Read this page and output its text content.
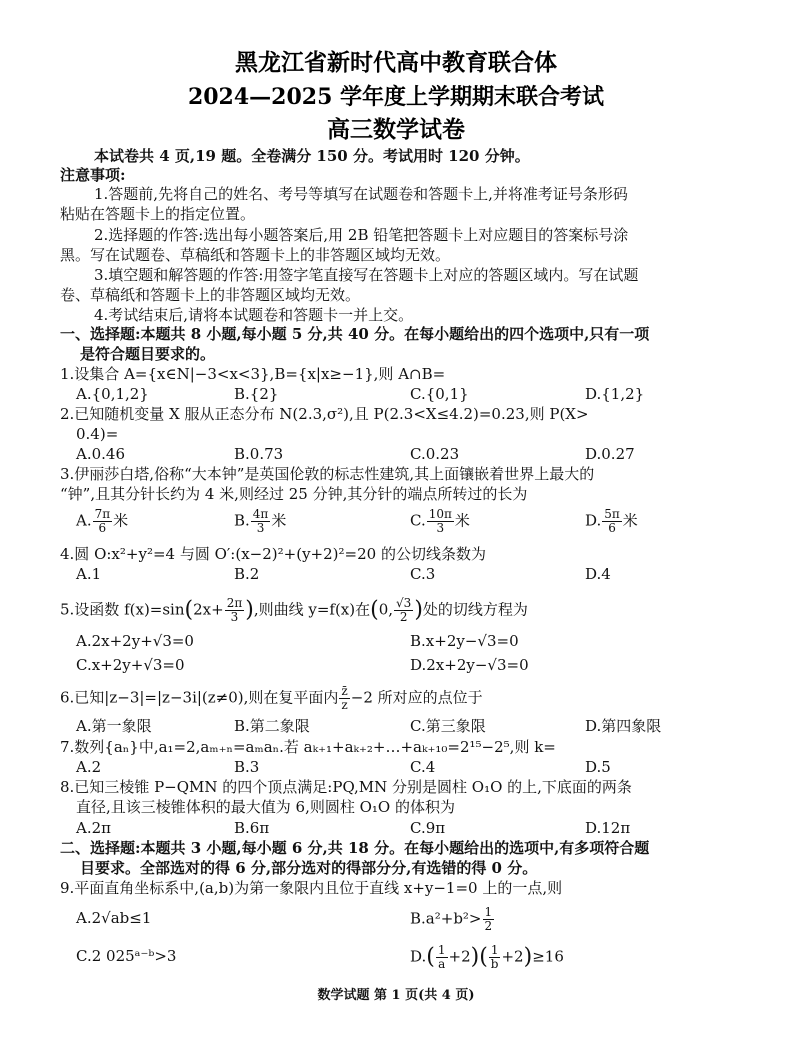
黑龙江省新时代高中教育联合体
2024—2025 学年度上学期期末联合考试
高三数学试卷
本试卷共 4 页,19 题。全卷满分 150 分。考试用时 120 分钟。
注意事项:
1.答题前,先将自己的姓名、考号等填写在试题卷和答题卡上,并将准考证号条形码
粘贴在答题卡上的指定位置。
2.选择题的作答:选出每小题答案后,用 2B 铅笔把答题卡上对应题目的答案标号涂
黑。写在试题卷、草稿纸和答题卡上的非答题区域均无效。
3.填空题和解答题的作答:用签字笔直接写在答题卡上对应的答题区域内。写在试题
卷、草稿纸和答题卡上的非答题区域均无效。
4.考试结束后,请将本试题卷和答题卡一并上交。
一、选择题:本题共 8 小题,每小题 5 分,共 40 分。在每小题给出的四个选项中,只有一项
是符合题目要求的。
1.设集合 A={x∈N|−3<x<3},B={x|x≥−1},则 A∩B=
A.{0,1,2}	B.{2}	C.{0,1}	D.{1,2}
2.已知随机变量 X 服从正态分布 N(2.3,σ²),且 P(2.3<X≤4.2)=0.23,则 P(X>
0.4)=
A.0.46	B.0.73	C.0.23	D.0.27
3.伊丽莎白塔,俗称“大本钟”是英国伦敦的标志性建筑,其上面镶嵌着世界上最大的
“钟”,且其分针长约为 4 米,则经过 25 分钟,其分针的端点所转过的长为
A. $\frac{7\pi}{6}$ 米	B. $\frac{4\pi}{3}$ 米	C. $\frac{10\pi}{3}$ 米	D. $\frac{5\pi}{6}$ 米
4.圆 O:x²+y²=4 与圆 O′:(x−2)²+(y+2)²=20 的公切线条数为
A.1	B.2	C.3	D.4
5.设函数 $f(x)=\sin(2x+ \frac{2\pi}{3}$ ),则曲线 y=f(x)在(0, $\frac{√3}{2}$ )处的切线方程为
A.2x+2y+√3=0	B.x+2y−√3=0
C.x+2y+√3=0	D.2x+2y−√3=0
6.已知|z−3|=|z−3i|(z≠0),则在复平面内 $\frac{z̄}{z} -2$ 所对应的点位于
A.第一象限	B.第二象限	C.第三象限	D.第四象限
7.数列{aₙ}中,a₁=2,aₘ₊ₙ=aₘaₙ.若 aₖ₊₁+aₖ₊₂+…+aₖ₊₁₀=2¹⁵−2⁵,则 k=
A.2	B.3	C.4	D.5
8.已知三棱锥 P−QMN 的四个顶点满足:PQ,MN 分别是圆柱 O₁O 的上,下底面的两条
直径,且该三棱锥体积的最大值为 6,则圆柱 O₁O 的体积为
A.2π	B.6π	C.9π	D.12π
二、选择题:本题共 3 小题,每小题 6 分,共 18 分。在每小题给出的选项中,有多项符合题
目要求。全部选对的得 6 分,部分选对的得部分分,有选错的得 0 分。
9.平面直角坐标系中,(a,b)为第一象限内且位于直线 x+y−1=0 上的一点,则
A.2√ab≤1	$B.a^2+b^2> \frac{1}{2}$
C.2 025ᵃ⁻ᵇ>3	$D.( \frac{1}{a} +2)( \frac{1}{b} +2)\ge 16$
数学试题 第 1 页(共 4 页)
